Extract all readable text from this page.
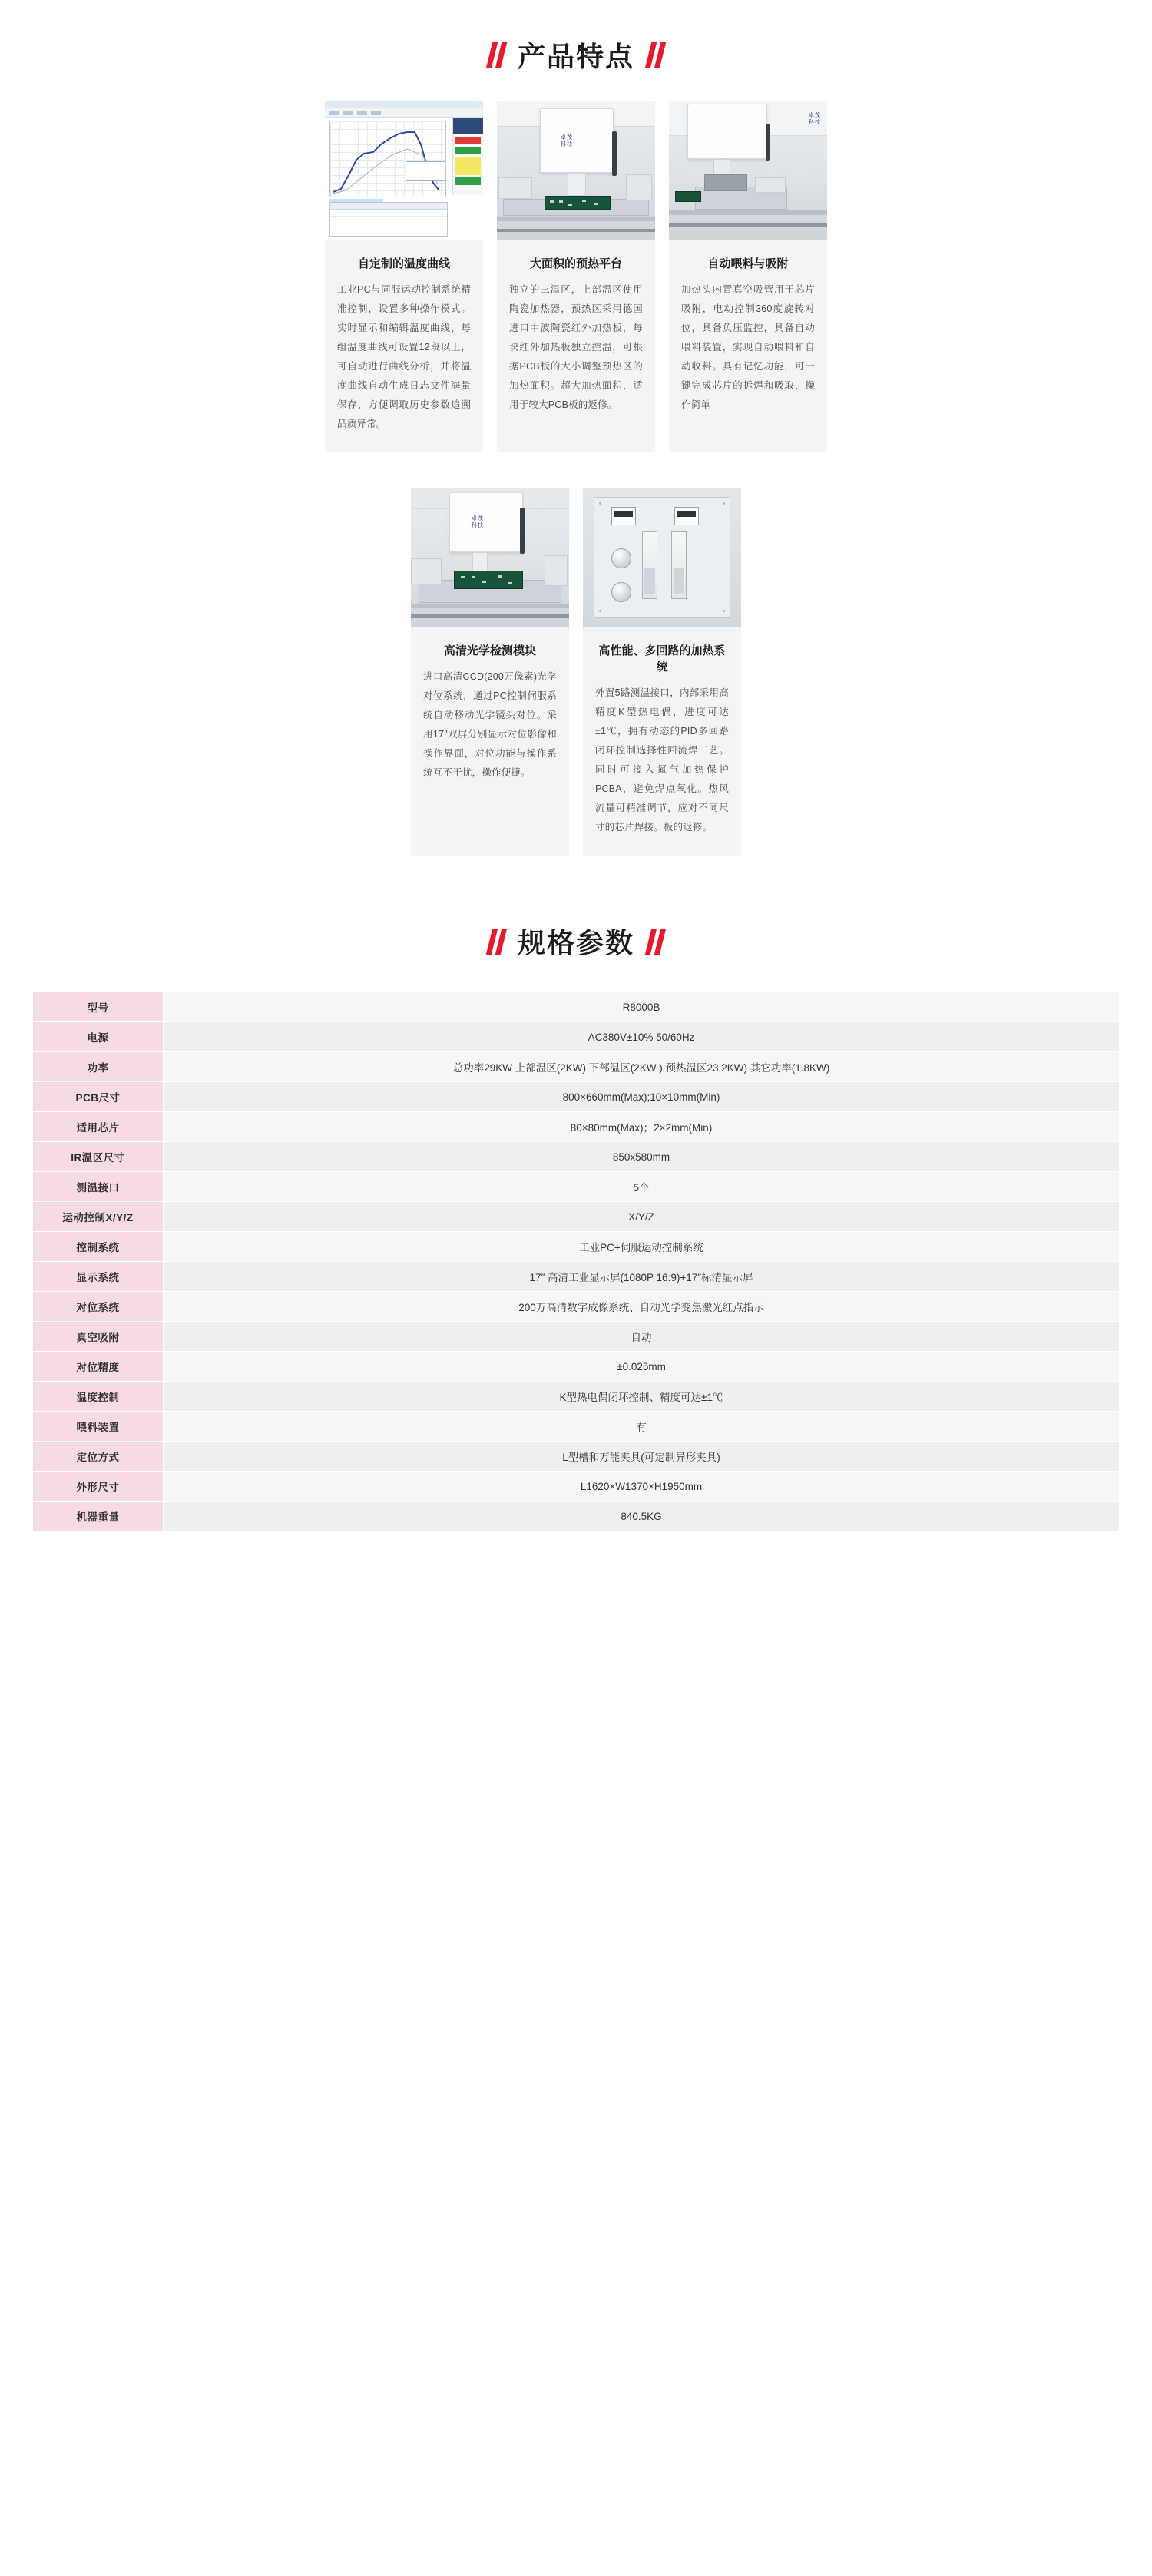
产品特点
自定制的温度曲线

工业PC与同服运动控制系统精准控制，设置多种操作模式。实时显示和编辑温度曲线，每组温度曲线可设置12段以上，可自动进行曲线分析，并将温度曲线自动生成日志文件海量保存，方便调取历史参数追溯品质异常。

卓茂
科技
大面积的预热平台

独立的三温区，上部温区使用陶瓷加热器，预热区采用德国进口中波陶瓷红外加热板，每块红外加热板独立控温，可根据PCB板的大小调整预热区的加热面积。超大加热面积，适用于较大PCB板的返修。

卓茂
科技
自动喂料与吸附

加热头内置真空吸管用于芯片吸附，电动控制360度旋转对位，具备负压监控，具备自动喂料装置，实现自动喂料和自动收料。具有记忆功能，可一键完成芯片的拆焊和吸取，操作简单

卓茂
科技
高清光学检测模块

进口高清CCD(200万像素)光学对位系统，通过PC控制伺服系统自动移动光学镜头对位。采用17″双屏分别显示对位影像和操作界面，对位功能与操作系统互不干扰，操作便捷。

高性能、多回路的加热系统

外置5路测温接口，内部采用高精度K型热电偶，进度可达±1℃，拥有动态的PID多回路闭环控制选择性回流焊工艺。同时可接入氮气加热保护PCBA，避免焊点氧化。热风流量可精准调节，应对不同尺寸的芯片焊接。板的返修。

规格参数
型号	R8000B
电源	AC380V±10% 50/60Hz
功率	总功率29KW 上部温区(2KW) 下部温区(2KW ) 预热温区23.2KW) 其它功率(1.8KW)
PCB尺寸	800×660mm(Max);10×10mm(Min)
适用芯片	80×80mm(Max)；2×2mm(Min)
IR温区尺寸	850x580mm
测温接口	5个
运动控制X/Y/Z	X/Y/Z
控制系统	工业PC+伺服运动控制系统
显示系统	17″ 高清工业显示屏(1080P 16:9)+17″标清显示屏
对位系统	200万高清数字成像系统、自动光学变焦激光红点指示
真空吸附	自动
对位精度	±0.025mm
温度控制	K型热电偶闭环控制、精度可达±1℃
喂料装置	有
定位方式	L型槽和万能夹具(可定制异形夹具)
外形尺寸	L1620×W1370×H1950mm
机器重量	840.5KG
